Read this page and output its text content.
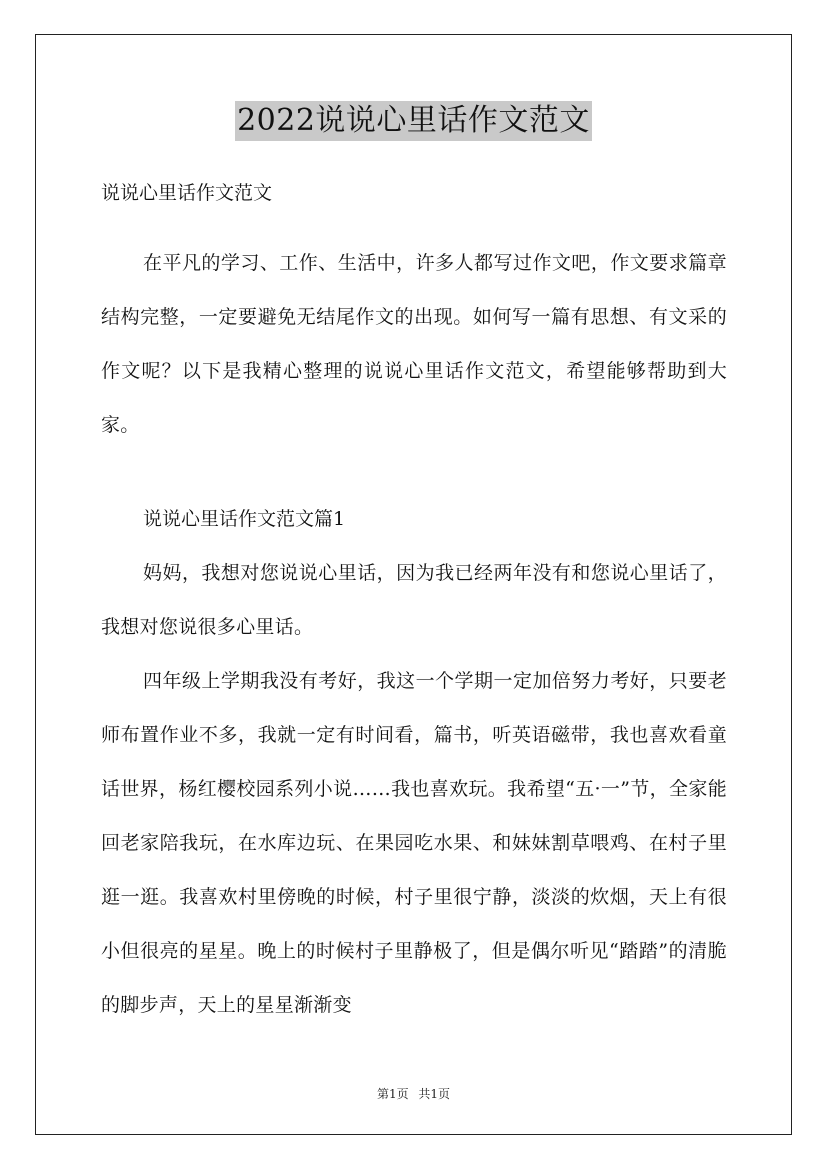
2022说说心里话作文范文

说说心里话作文范文

在平凡的学习、工作、生活中，许多人都写过作文吧，作文要求篇章结构完整，一定要避免无结尾作文的出现。如何写一篇有思想、有文采的作文呢？以下是我精心整理的说说心里话作文范文，希望能够帮助到大家。

说说心里话作文范文篇1

妈妈，我想对您说说心里话，因为我已经两年没有和您说心里话了，我想对您说很多心里话。

四年级上学期我没有考好，我这一个学期一定加倍努力考好，只要老师布置作业不多，我就一定有时间看，篇书，听英语磁带，我也喜欢看童话世界，杨红樱校园系列小说……我也喜欢玩。我希望“五·一”节，全家能回老家陪我玩，在水库边玩、在果园吃水果、和妹妹割草喂鸡、在村子里逛一逛。我喜欢村里傍晚的时候，村子里很宁静，淡淡的炊烟，天上有很小但很亮的星星。晚上的时候村子里静极了，但是偶尔听见“踏踏”的清脆的脚步声，天上的星星渐渐变

第1页 共1页
